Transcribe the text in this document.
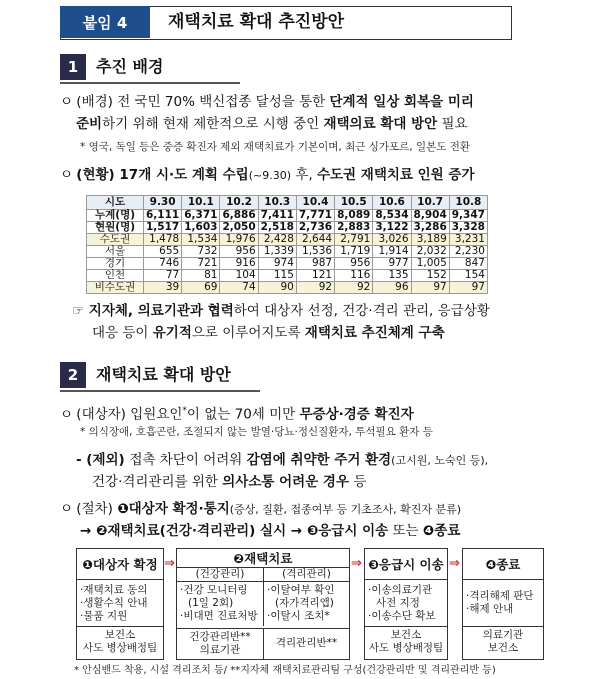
붙임 4	재택치료 확대 추진방안
1	추진 배경
ㅇ (배경) 전 국민 70% 백신접종 달성을 통한 단계적 일상 회복을 미리
준비하기 위해 현재 제한적으로 시행 중인 재택의료 확대 방안 필요
* 영국, 독일 등은 중증 확진자 제외 재택치료가 기본이며, 최근 싱가포르, 일본도 전환
ㅇ (현황) 17개 시·도 계획 수립(~9.30) 후, 수도권 재택치료 인원 증가
시도	9.30	10.1	10.2	10.3	10.4	10.5	10.6	10.7	10.8
누계(명)	6,111	6,371	6,886	7,411	7,771	8,089	8,534	8,904	9,347
현원(명)	1,517	1,603	2,050	2,518	2,736	2,883	3,122	3,286	3,328
수도권	1,478	1,534	1,976	2,428	2,644	2,791	3,026	3,189	3,231
서울	655	732	956	1,339	1,536	1,719	1,914	2,032	2,230
경기	746	721	916	974	987	956	977	1,005	847
인천	77	81	104	115	121	116	135	152	154
비수도권	39	69	74	90	92	92	96	97	97
☞ 지자체, 의료기관과 협력하여 대상자 선정, 건강·격리 관리, 응급상황
대응 등이 유기적으로 이루어지도록 재택치료 추진체계 구축
2	재택치료 확대 방안
ㅇ (대상자) 입원요인*이 없는 70세 미만 무증상·경증 확진자
* 의식장애, 호흡곤란, 조절되지 않는 발열·당뇨·정신질환자, 투석필요 환자 등
- (제외) 접촉 차단이 어려워 감염에 취약한 주거 환경(고시원, 노숙인 등),
건강·격리관리를 위한 의사소통 어려운 경우 등
ㅇ (절차) ❶대상자 확정·통지(증상, 질환, 접종여부 등 기초조사, 확진자 분류)
→ ❷재택치료(건강·격리관리) 실시 → ❸응급시 이송 또는 ❹종료
❶대상자 확정
·재택치료 동의
·생활수칙 안내
·물품 지원
보건소
사도 병상배정팀
⇒	❷재택치료
(건강관리)	(격리관리)
·건강 모니터링
(1일 2회)
·비대면 진료처방
·이탈여부 확인
(자가격리앱)
·이탈시 조치*
건강관리반**
의료기관
격리관리반**
⇒ ❸응급시 이송
·이송의료기관
사전 지정
·이송수단 확보
보건소
사도 병상배정팀
⇒	❹종료
·격리해제 판단
·해제 안내
의료기관
보건소
* 안심밴드 착용, 시설 격리조치 등/ **지자체 재택치료관리팀 구성(건강관리반 및 격리관리반 등)
